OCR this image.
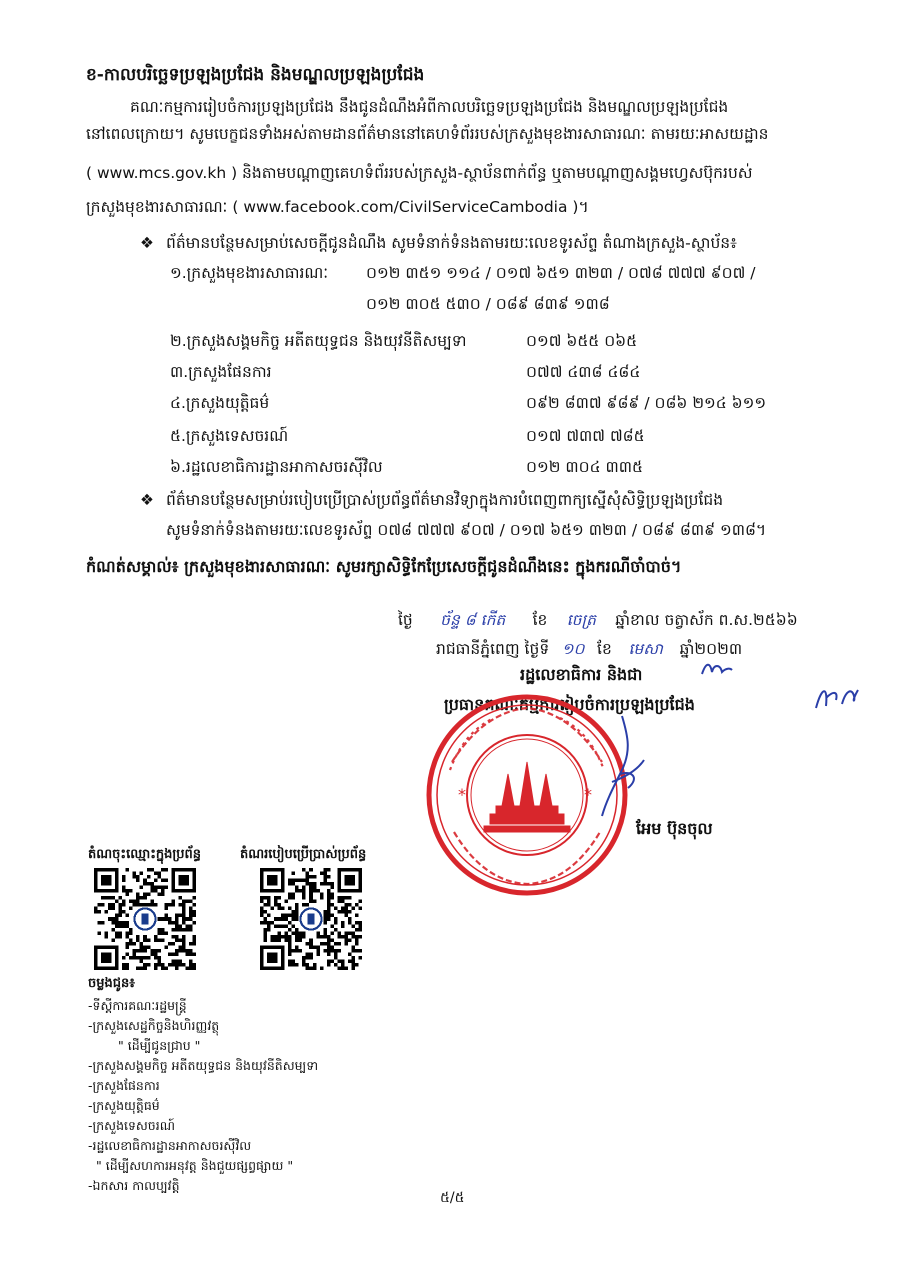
ខ-កាលបរិច្ឆេទប្រឡងប្រជែង និងមណ្ឌលប្រឡងប្រជែង
គណៈកម្មការរៀបចំការប្រឡងប្រជែង នឹងជូនដំណឹងអំពីកាលបរិច្ឆេទប្រឡងប្រជែង និងមណ្ឌលប្រឡងប្រជែង
នៅពេលក្រោយ។ សូមបេក្ខជនទាំងអស់តាមដានព័ត៌មាននៅគេហទំព័ររបស់ក្រសួងមុខងារសាធារណៈ តាមរយៈអាសយដ្ឋាន
( www.mcs.gov.kh ) និងតាមបណ្ដាញគេហទំព័ររបស់ក្រសួង-ស្ថាប័នពាក់ព័ន្ធ ឬតាមបណ្ដាញសង្គមហ្វេសប៊ុករបស់
ក្រសួងមុខងារសាធារណៈ ( www.facebook.com/CivilServiceCambodia )។
❖ ព័ត៌មានបន្ថែមសម្រាប់សេចក្ដីជូនដំណឹង សូមទំនាក់ទំនងតាមរយៈលេខទូរស័ព្ទ តំណាងក្រសួង-ស្ថាប័ន៖
១.ក្រសួងមុខងារសាធារណៈ ០១២ ៣៥១ ១១៤ / ០១៧ ៦៥១ ៣២៣ / ០៧៨ ៧៧៧ ៩០៧ /
០១២ ៣០៥ ៥៣០ / ០៨៩ ៨៣៩ ១៣៨
២.ក្រសួងសង្គមកិច្ច អតីតយុទ្ធជន និងយុវនីតិសម្បទា	០១៧ ៦៥៥ ០៦៥
៣.ក្រសួងផែនការ	០៧៧ ៤៣៨ ៤៨៤
៤.ក្រសួងយុត្តិធម៌	០៩២ ៨៣៧ ៩៨៩ / ០៨៦ ២១៤ ៦១១
៥.ក្រសួងទេសចរណ៍	០១៧ ៧៣៧ ៧៨៥
៦.រដ្ឋលេខាធិការដ្ឋានអាកាសចរស៊ីវិល	០១២ ៣០៤ ៣៣៥
❖ ព័ត៌មានបន្ថែមសម្រាប់របៀបប្រើប្រាស់ប្រព័ន្ធព័ត៌មានវិទ្យាក្នុងការបំពេញពាក្យស្នើសុំសិទ្ធិប្រឡងប្រជែង
សូមទំនាក់ទំនងតាមរយៈលេខទូរស័ព្ទ ០៧៨ ៧៧៧ ៩០៧ / ០១៧ ៦៥១ ៣២៣ / ០៨៩ ៨៣៩ ១៣៨។
កំណត់សម្គាល់៖ ក្រសួងមុខងារសាធារណៈ សូមរក្សាសិទ្ធិកែប្រែសេចក្ដីជូនដំណឹងនេះ ក្នុងករណីចាំបាច់។
ថ្ងៃ ច័ន្ទ ៨ កើត ខែ ចេត្រ ឆ្នាំខាល ចត្វាស័ក ព.ស.២៥៦៦
រាជធានីភ្នំពេញ ថ្ងៃទី ១០ ខែ មេសា ឆ្នាំ២០២៣
រដ្ឋលេខាធិការ និងជា
ប្រធានគណៈកម្មការរៀបចំការប្រឡងប្រជែង
*	*
អែម ប៊ុនចុល
តំណចុះឈ្មោះក្នុងប្រព័ន្ធ	តំណរបៀបប្រើប្រាស់ប្រព័ន្ធ
ចម្លងជូន៖
-ទីស្ដីការគណៈរដ្ឋមន្ត្រី
-ក្រសួងសេដ្ឋកិច្ចនិងហិរញ្ញវត្ថុ
" ដើម្បីជូនជ្រាប "
-ក្រសួងសង្គមកិច្ច អតីតយុទ្ធជន និងយុវនីតិសម្បទា
-ក្រសួងផែនការ
-ក្រសួងយុត្តិធម៌
-ក្រសួងទេសចរណ៍
-រដ្ឋលេខាធិការដ្ឋានអាកាសចរស៊ីវិល
" ដើម្បីសហការអនុវត្ត និងជួយផ្សព្វផ្សាយ "
-ឯកសារ កាលប្បវត្តិ
៥/៥
